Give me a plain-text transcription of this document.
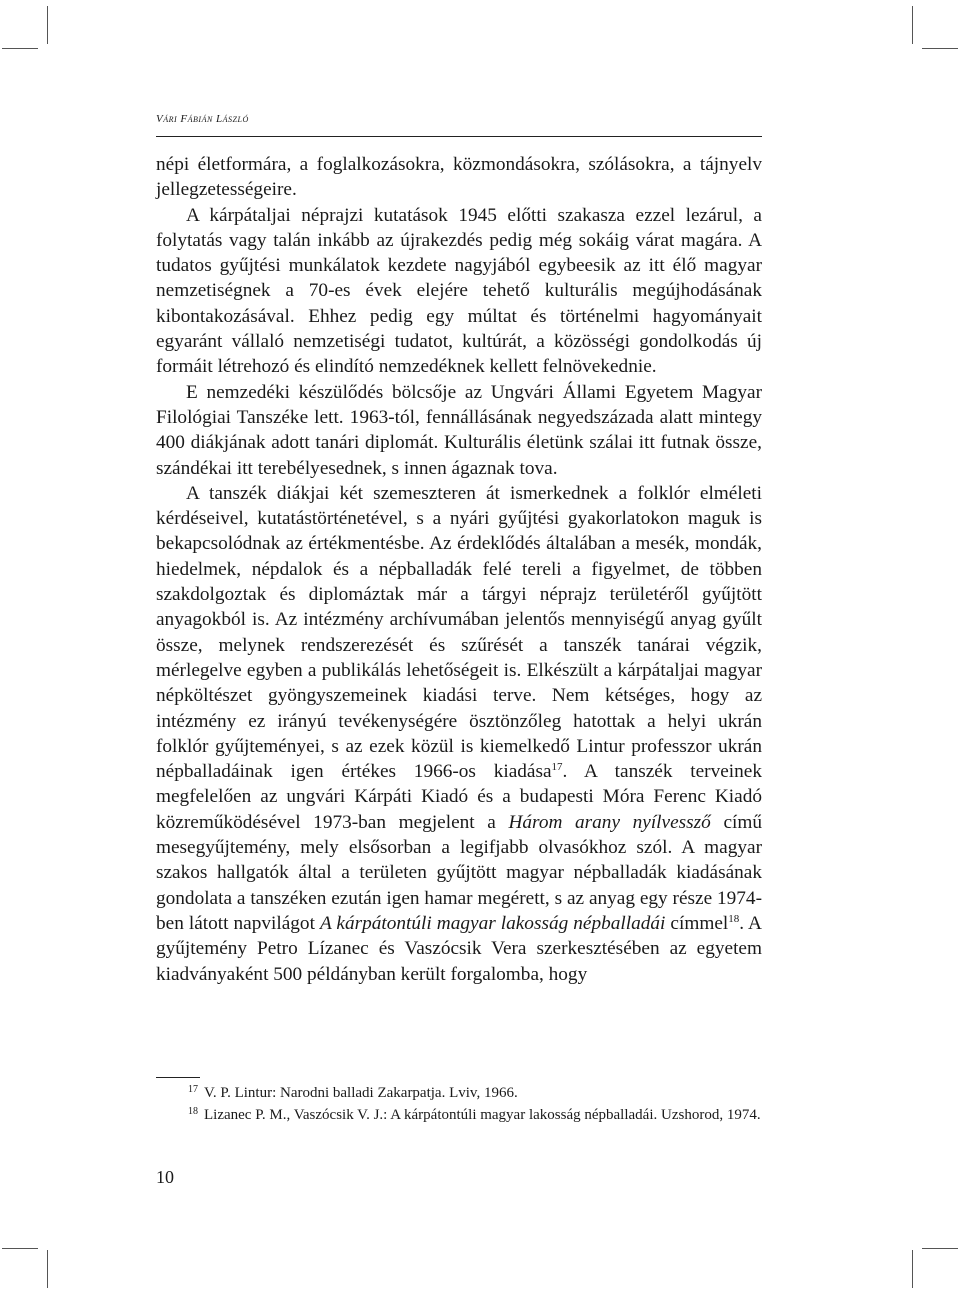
Vári Fábián László

népi életformára, a foglalkozásokra, közmondásokra, szólásokra, a tájnyelv jellegzetességeire.

A kárpátaljai néprajzi kutatások 1945 előtti szakasza ezzel lezárul, a folytatás vagy talán inkább az újrakezdés pedig még sokáig várat magára. A tudatos gyűjtési munkálatok kezdete nagyjából egybeesik az itt élő magyar nemzetiségnek a 70-es évek elejére tehető kulturális megújhodásának kibontakozásával. Ehhez pedig egy múltat és történelmi hagyományait egyaránt vállaló nemzetiségi tudatot, kultúrát, a közösségi gondolkodás új formáit létrehozó és elindító nemzedéknek kellett felnövekednie.

E nemzedéki készülődés bölcsője az Ungvári Állami Egyetem Magyar Filológiai Tanszéke lett. 1963-tól, fennállásának negyedszázada alatt mintegy 400 diákjának adott tanári diplomát. Kulturális életünk szálai itt futnak össze, szándékai itt terebélyesednek, s innen ágaznak tova.

A tanszék diákjai két szemeszteren át ismerkednek a folklór elméleti kérdéseivel, kutatástörténetével, s a nyári gyűjtési gyakorlatokon maguk is bekapcsolódnak az értékmentésbe. Az érdeklődés általában a mesék, mondák, hiedelmek, népdalok és a népballadák felé tereli a figyelmet, de többen szakdolgoztak és diplomáztak már a tárgyi néprajz területéről gyűjtött anyagokból is. Az intézmény archívumában jelentős mennyiségű anyag gyűlt össze, melynek rendszerezését és szűrését a tanszék tanárai végzik, mérlegelve egyben a publikálás lehetőségeit is. Elkészült a kárpátaljai magyar népköltészet gyöngyszemeinek kiadási terve. Nem kétséges, hogy az intézmény ez irányú tevékenységére ösztönzőleg hatottak a helyi ukrán folklór gyűjteményei, s az ezek közül is kiemelkedő Lintur professzor ukrán népballadáinak igen értékes 1966-os kiadása$^{17}$. A tanszék terveinek megfelelően az ungvári Kárpáti Kiadó és a budapesti Móra Ferenc Kiadó közreműködésével 1973-ban megjelent a Három arany nyílvessző című mesegyűjtemény, mely elsősorban a legifjabb olvasókhoz szól. A magyar szakos hallgatók által a területen gyűjtött magyar népballadák kiadásának gondolata a tanszéken ezután igen hamar megérett, s az anyag egy része 1974-ben látott napvilágot A kárpátontúli magyar lakosság népballadái címmel$^{18}$. A gyűjtemény Petro Lízanec és Vaszócsik Vera szerkesztésében az egyetem kiadványaként 500 példányban került forgalomba, hogy

$^{17}$ V. P. Lintur: Narodni balladi Zakarpatja. Lviv, 1966.

$^{18}$ Lizanec P. M., Vaszócsik V. J.: A kárpátontúli magyar lakosság népballadái. Uzshorod, 1974.

10
